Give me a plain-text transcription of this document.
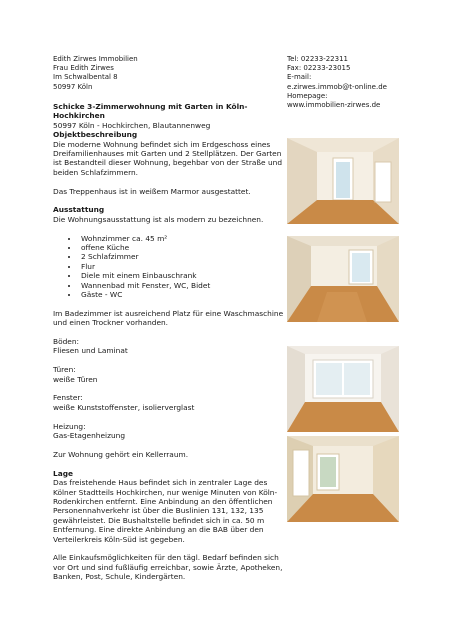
Edith Zirwes Immobilien
Frau Edith Zirwes
Im Schwalbental 8
50997 Köln
Tel: 02233-22311
Fax: 02233-23015
E-mail:
e.zirwes.immob@t-online.de
Homepage:
www.immobilien-zirwes.de

Schicke 3-Zimmerwohnung mit Garten in Köln-Hochkirchen

50997 Köln - Hochkirchen, Blautannenweg

Objektbeschreibung

Die moderne Wohnung befindet sich im Erdgeschoss eines Dreifamilienhauses mit Garten und 2 Stellplätzen. Der Garten ist Bestandteil dieser Wohnung, begehbar von der Straße und beiden Schlafzimmern.

Das Treppenhaus ist in weißem Marmor ausgestattet.

Ausstattung

Die Wohnungsausstattung ist als modern zu bezeichnen.

• Wohnzimmer ca. 45 m²
• offene Küche
• 2 Schlafzimmer
• Flur
• Diele mit einem Einbauschrank
• Wannenbad mit Fenster, WC, Bidet
• Gäste - WC

Im Badezimmer ist ausreichend Platz für eine Waschmaschine und einen Trockner vorhanden.

Böden:

Fliesen und Laminat

Türen:

weiße Türen

Fenster:

weiße Kunststoffenster, isolierverglast

Heizung:

Gas-Etagenheizung

Zur Wohnung gehört ein Kellerraum.

Lage

Das freistehende Haus befindet sich in zentraler Lage des Kölner Stadtteils Hochkirchen, nur wenige Minuten von Köln-Rodenkirchen entfernt. Eine Anbindung an den öffentlichen Personennahverkehr ist über die Buslinien 131, 132, 135 gewährleistet. Die Bushaltstelle befindet sich in ca. 50 m Entfernung. Eine direkte Anbindung an die BAB über den Verteilerkreis Köln-Süd ist gegeben.

Alle Einkaufsmöglichkeiten für den tägl. Bedarf befinden sich vor Ort und sind fußläufig erreichbar, sowie Ärzte, Apotheken, Banken, Post, Schule, Kindergärten.
